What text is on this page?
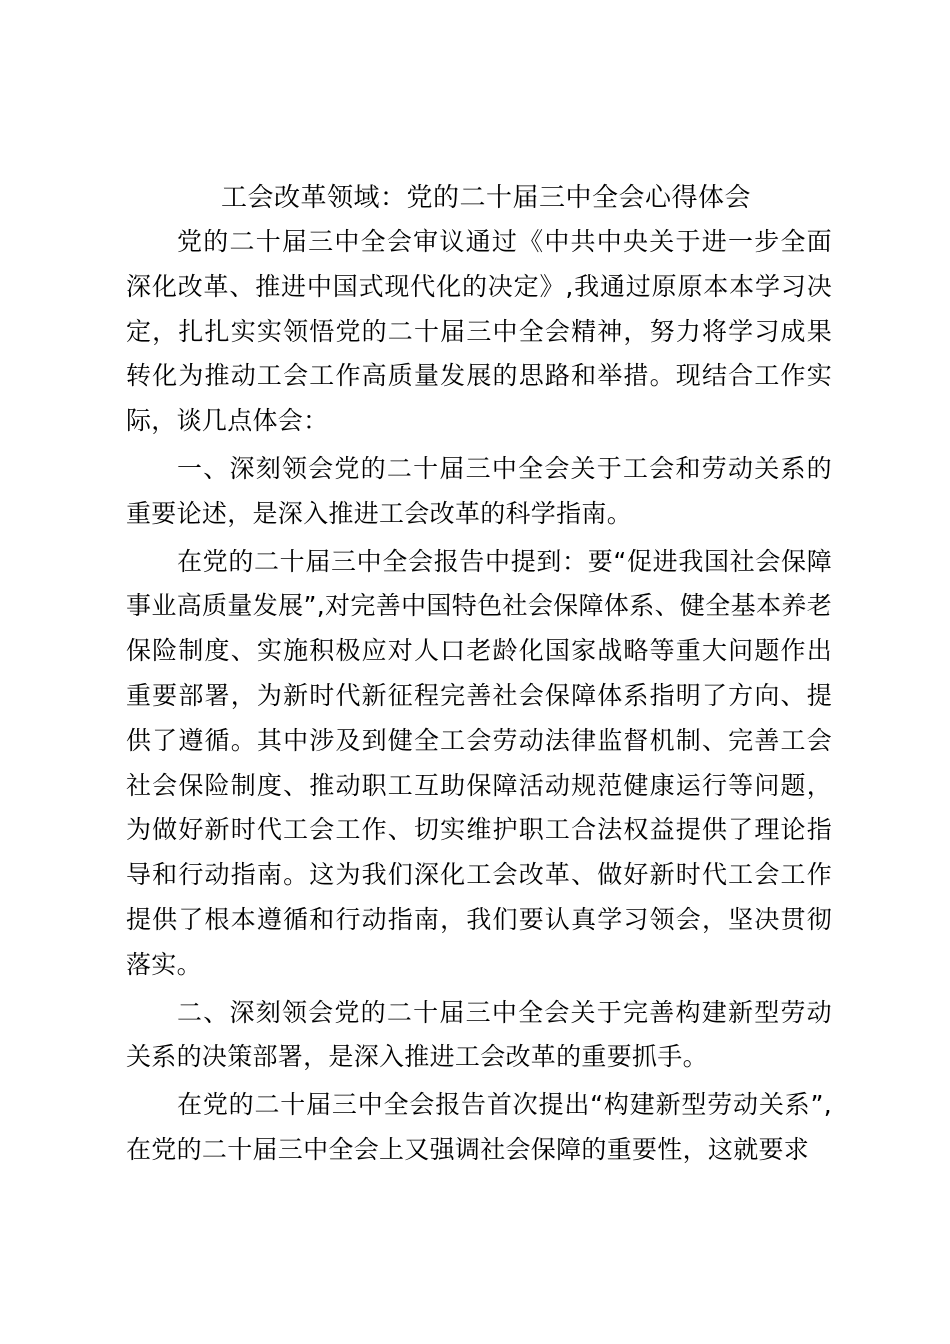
工会改革领域：党的二十届三中全会心得体会

党的二十届三中全会审议通过《中共中央关于进一步全面深化改革、推进中国式现代化的决定》,我通过原原本本学习决定，扎扎实实领悟党的二十届三中全会精神，努力将学习成果转化为推动工会工作高质量发展的思路和举措。现结合工作实际，谈几点体会：

一、深刻领会党的二十届三中全会关于工会和劳动关系的重要论述，是深入推进工会改革的科学指南。

在党的二十届三中全会报告中提到：要“促进我国社会保障事业高质量发展”,对完善中国特色社会保障体系、健全基本养老保险制度、实施积极应对人口老龄化国家战略等重大问题作出重要部署，为新时代新征程完善社会保障体系指明了方向、提供了遵循。其中涉及到健全工会劳动法律监督机制、完善工会社会保险制度、推动职工互助保障活动规范健康运行等问题，为做好新时代工会工作、切实维护职工合法权益提供了理论指导和行动指南。这为我们深化工会改革、做好新时代工会工作提供了根本遵循和行动指南，我们要认真学习领会，坚决贯彻落实。

二、深刻领会党的二十届三中全会关于完善构建新型劳动关系的决策部署，是深入推进工会改革的重要抓手。

在党的二十届三中全会报告首次提出“构建新型劳动关系”,在党的二十届三中全会上又强调社会保障的重要性，这就要求
